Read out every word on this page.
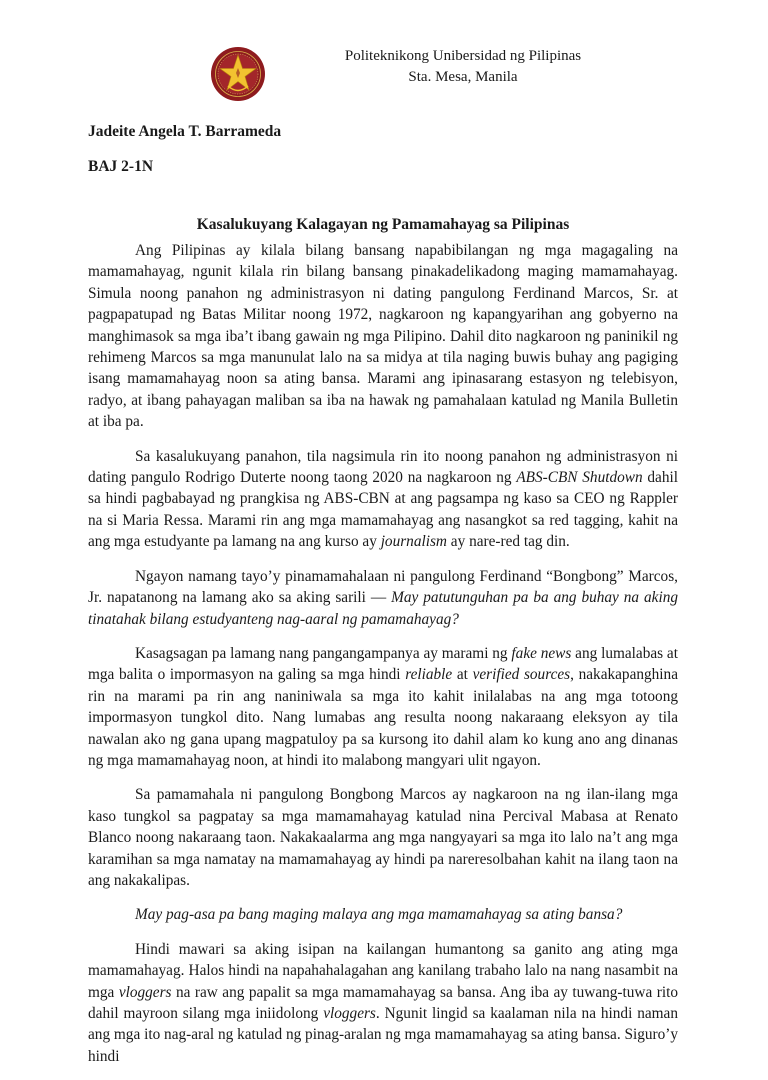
Politeknikong Unibersidad ng Pilipinas
Sta. Mesa, Manila
Jadeite Angela T. Barrameda
BAJ 2-1N
Kasalukuyang Kalagayan ng Pamamahayag sa Pilipinas

Ang Pilipinas ay kilala bilang bansang napabibilangan ng mga magagaling na mamamahayag, ngunit kilala rin bilang bansang pinakadelikadong maging mamamahayag. Simula noong panahon ng administrasyon ni dating pangulong Ferdinand Marcos, Sr. at pagpapatupad ng Batas Militar noong 1972, nagkaroon ng kapangyarihan ang gobyerno na manghimasok sa mga iba’t ibang gawain ng mga Pilipino. Dahil dito nagkaroon ng paninikil ng rehimeng Marcos sa mga manunulat lalo na sa midya at tila naging buwis buhay ang pagiging isang mamamahayag noon sa ating bansa. Marami ang ipinasarang estasyon ng telebisyon, radyo, at ibang pahayagan maliban sa iba na hawak ng pamahalaan katulad ng Manila Bulletin at iba pa.

Sa kasalukuyang panahon, tila nagsimula rin ito noong panahon ng administrasyon ni dating pangulo Rodrigo Duterte noong taong 2020 na nagkaroon ng ABS-CBN Shutdown dahil sa hindi pagbabayad ng prangkisa ng ABS-CBN at ang pagsampa ng kaso sa CEO ng Rappler na si Maria Ressa. Marami rin ang mga mamamahayag ang nasangkot sa red tagging, kahit na ang mga estudyante pa lamang na ang kurso ay journalism ay nare-red tag din.

Ngayon namang tayo’y pinamamahalaan ni pangulong Ferdinand “Bongbong” Marcos, Jr. napatanong na lamang ako sa aking sarili — May patutunguhan pa ba ang buhay na aking tinatahak bilang estudyanteng nag-aaral ng pamamahayag?

Kasagsagan pa lamang nang pangangampanya ay marami ng fake news ang lumalabas at mga balita o impormasyon na galing sa mga hindi reliable at verified sources, nakakapanghina rin na marami pa rin ang naniniwala sa mga ito kahit inilalabas na ang mga totoong impormasyon tungkol dito. Nang lumabas ang resulta noong nakaraang eleksyon ay tila nawalan ako ng gana upang magpatuloy pa sa kursong ito dahil alam ko kung ano ang dinanas ng mga mamamahayag noon, at hindi ito malabong mangyari ulit ngayon.

Sa pamamahala ni pangulong Bongbong Marcos ay nagkaroon na ng ilan-ilang mga kaso tungkol sa pagpatay sa mga mamamahayag katulad nina Percival Mabasa at Renato Blanco noong nakaraang taon. Nakakaalarma ang mga nangyayari sa mga ito lalo na’t ang mga karamihan sa mga namatay na mamamahayag ay hindi pa nareresolbahan kahit na ilang taon na ang nakakalipas.

May pag-asa pa bang maging malaya ang mga mamamahayag sa ating bansa?

Hindi mawari sa aking isipan na kailangan humantong sa ganito ang ating mga mamamahayag. Halos hindi na napahahalagahan ang kanilang trabaho lalo na nang nasambit na mga vloggers na raw ang papalit sa mga mamamahayag sa bansa. Ang iba ay tuwang-tuwa rito dahil mayroon silang mga iniidolong vloggers. Ngunit lingid sa kaalaman nila na hindi naman ang mga ito nag-aral ng katulad ng pinag-aralan ng mga mamamahayag sa ating bansa. Siguro’y hindi
